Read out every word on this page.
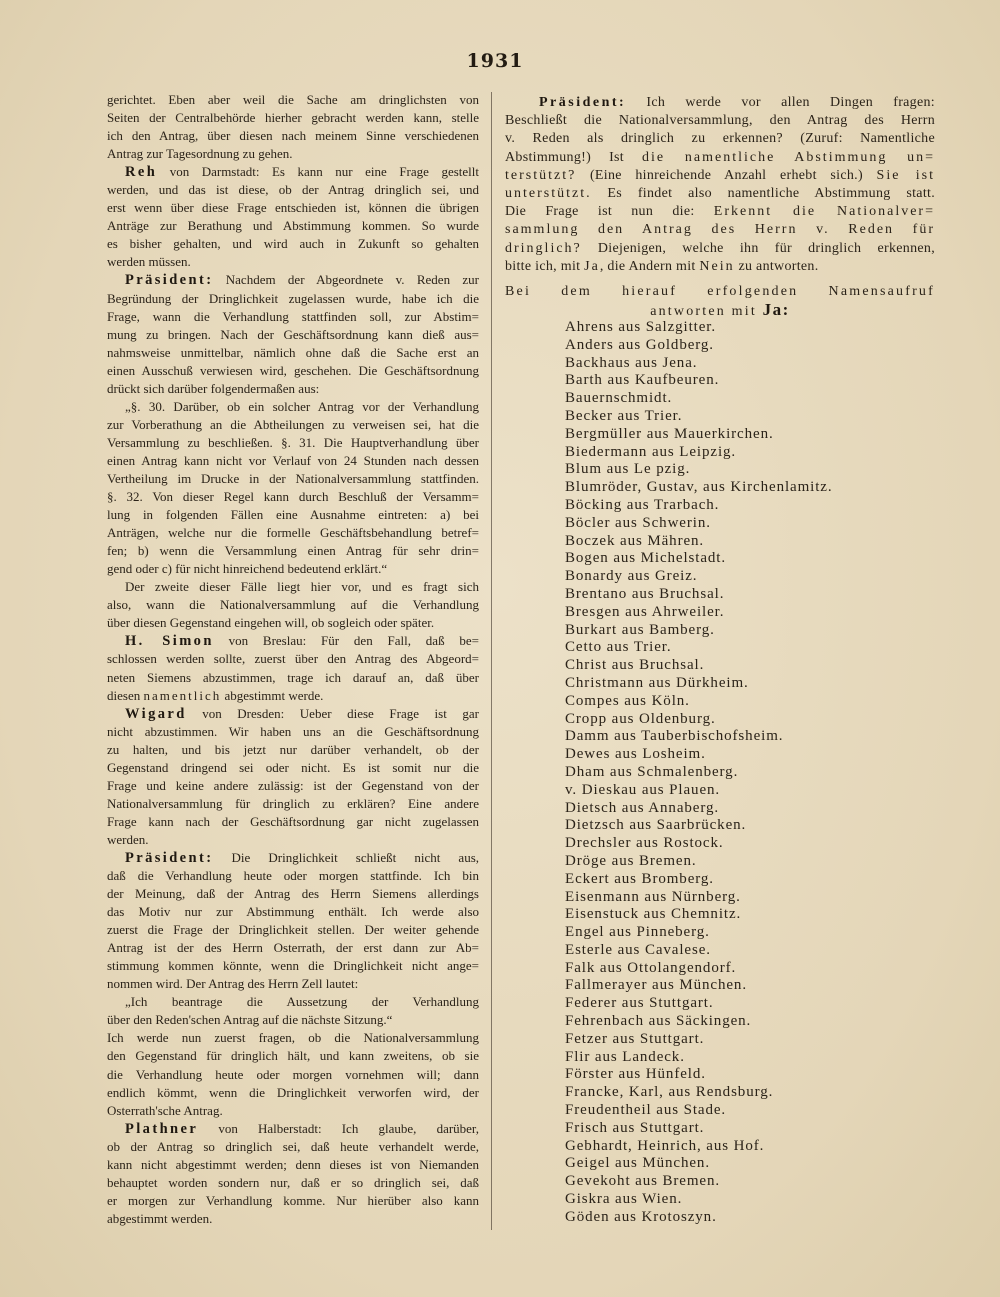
1931
gerichtet. Eben aber weil die Sache am dringlichsten von
Seiten der Centralbehörde hierher gebracht werden kann, stelle
ich den Antrag, über diesen nach meinem Sinne verschiedenen
Antrag zur Tagesordnung zu gehen.
Reh von Darmstadt: Es kann nur eine Frage gestellt
werden, und das ist diese, ob der Antrag dringlich sei, und
erst wenn über diese Frage entschieden ist, können die übrigen
Anträge zur Berathung und Abstimmung kommen. So wurde
es bisher gehalten, und wird auch in Zukunft so gehalten
werden müssen.
Präsident: Nachdem der Abgeordnete v. Reden zur
Begründung der Dringlichkeit zugelassen wurde, habe ich die
Frage, wann die Verhandlung stattfinden soll, zur Abstim=
mung zu bringen. Nach der Geschäftsordnung kann dieß aus=
nahmsweise unmittelbar, nämlich ohne daß die Sache erst an
einen Ausschuß verwiesen wird, geschehen. Die Geschäftsordnung
drückt sich darüber folgendermaßen aus:
„§. 30. Darüber, ob ein solcher Antrag vor der Verhandlung
zur Vorberathung an die Abtheilungen zu verweisen sei, hat die
Versammlung zu beschließen. §. 31. Die Hauptverhandlung über
einen Antrag kann nicht vor Verlauf von 24 Stunden nach dessen
Vertheilung im Drucke in der Nationalversammlung stattfinden.
§. 32. Von dieser Regel kann durch Beschluß der Versamm=
lung in folgenden Fällen eine Ausnahme eintreten: a) bei
Anträgen, welche nur die formelle Geschäftsbehandlung betref=
fen; b) wenn die Versammlung einen Antrag für sehr drin=
gend oder c) für nicht hinreichend bedeutend erklärt.“
Der zweite dieser Fälle liegt hier vor, und es fragt sich
also, wann die Nationalversammlung auf die Verhandlung
über diesen Gegenstand eingehen will, ob sogleich oder später.
H. Simon von Breslau: Für den Fall, daß be=
schlossen werden sollte, zuerst über den Antrag des Abgeord=
neten Siemens abzustimmen, trage ich darauf an, daß über
diesen namentlich abgestimmt werde.
Wigard von Dresden: Ueber diese Frage ist gar
nicht abzustimmen. Wir haben uns an die Geschäftsordnung
zu halten, und bis jetzt nur darüber verhandelt, ob der
Gegenstand dringend sei oder nicht. Es ist somit nur die
Frage und keine andere zulässig: ist der Gegenstand von der
Nationalversammlung für dringlich zu erklären? Eine andere
Frage kann nach der Geschäftsordnung gar nicht zugelassen
werden.
Präsident: Die Dringlichkeit schließt nicht aus,
daß die Verhandlung heute oder morgen stattfinde. Ich bin
der Meinung, daß der Antrag des Herrn Siemens allerdings
das Motiv nur zur Abstimmung enthält. Ich werde also
zuerst die Frage der Dringlichkeit stellen. Der weiter gehende
Antrag ist der des Herrn Osterrath, der erst dann zur Ab=
stimmung kommen könnte, wenn die Dringlichkeit nicht ange=
nommen wird. Der Antrag des Herrn Zell lautet:
„Ich beantrage die Aussetzung der Verhandlung
über den Reden'schen Antrag auf die nächste Sitzung.“
Ich werde nun zuerst fragen, ob die Nationalversammlung
den Gegenstand für dringlich hält, und kann zweitens, ob sie
die Verhandlung heute oder morgen vornehmen will; dann
endlich kömmt, wenn die Dringlichkeit verworfen wird, der
Osterrath'sche Antrag.
Plathner von Halberstadt: Ich glaube, darüber,
ob der Antrag so dringlich sei, daß heute verhandelt werde,
kann nicht abgestimmt werden; denn dieses ist von Niemanden
behauptet worden sondern nur, daß er so dringlich sei, daß
er morgen zur Verhandlung komme. Nur hierüber also kann
abgestimmt werden.
Präsident: Ich werde vor allen Dingen fragen:
Beschließt die Nationalversammlung, den Antrag des Herrn
v. Reden als dringlich zu erkennen? (Zuruf: Namentliche
Abstimmung!) Ist die namentliche Abstimmung un=
terstützt? (Eine hinreichende Anzahl erhebt sich.) Sie ist
unterstützt. Es findet also namentliche Abstimmung statt.
Die Frage ist nun die: Erkennt die Nationalver=
sammlung den Antrag des Herrn v. Reden für
dringlich? Diejenigen, welche ihn für dringlich erkennen,
bitte ich, mit Ja, die Andern mit Nein zu antworten.
Bei dem hierauf erfolgenden Namensaufruf
antworten mit Ja:
Ahrens aus Salzgitter.
Anders aus Goldberg.
Backhaus aus Jena.
Barth aus Kaufbeuren.
Bauernschmidt.
Becker aus Trier.
Bergmüller aus Mauerkirchen.
Biedermann aus Leipzig.
Blum aus Le pzig.
Blumröder, Gustav, aus Kirchenlamitz.
Böcking aus Trarbach.
Böcler aus Schwerin.
Boczek aus Mähren.
Bogen aus Michelstadt.
Bonardy aus Greiz.
Brentano aus Bruchsal.
Bresgen aus Ahrweiler.
Burkart aus Bamberg.
Cetto aus Trier.
Christ aus Bruchsal.
Christmann aus Dürkheim.
Compes aus Köln.
Cropp aus Oldenburg.
Damm aus Tauberbischofsheim.
Dewes aus Losheim.
Dham aus Schmalenberg.
v. Dieskau aus Plauen.
Dietsch aus Annaberg.
Dietzsch aus Saarbrücken.
Drechsler aus Rostock.
Dröge aus Bremen.
Eckert aus Bromberg.
Eisenmann aus Nürnberg.
Eisenstuck aus Chemnitz.
Engel aus Pinneberg.
Esterle aus Cavalese.
Falk aus Ottolangendorf.
Fallmerayer aus München.
Federer aus Stuttgart.
Fehrenbach aus Säckingen.
Fetzer aus Stuttgart.
Flir aus Landeck.
Förster aus Hünfeld.
Francke, Karl, aus Rendsburg.
Freudentheil aus Stade.
Frisch aus Stuttgart.
Gebhardt, Heinrich, aus Hof.
Geigel aus München.
Gevekoht aus Bremen.
Giskra aus Wien.
Göden aus Krotoszyn.
